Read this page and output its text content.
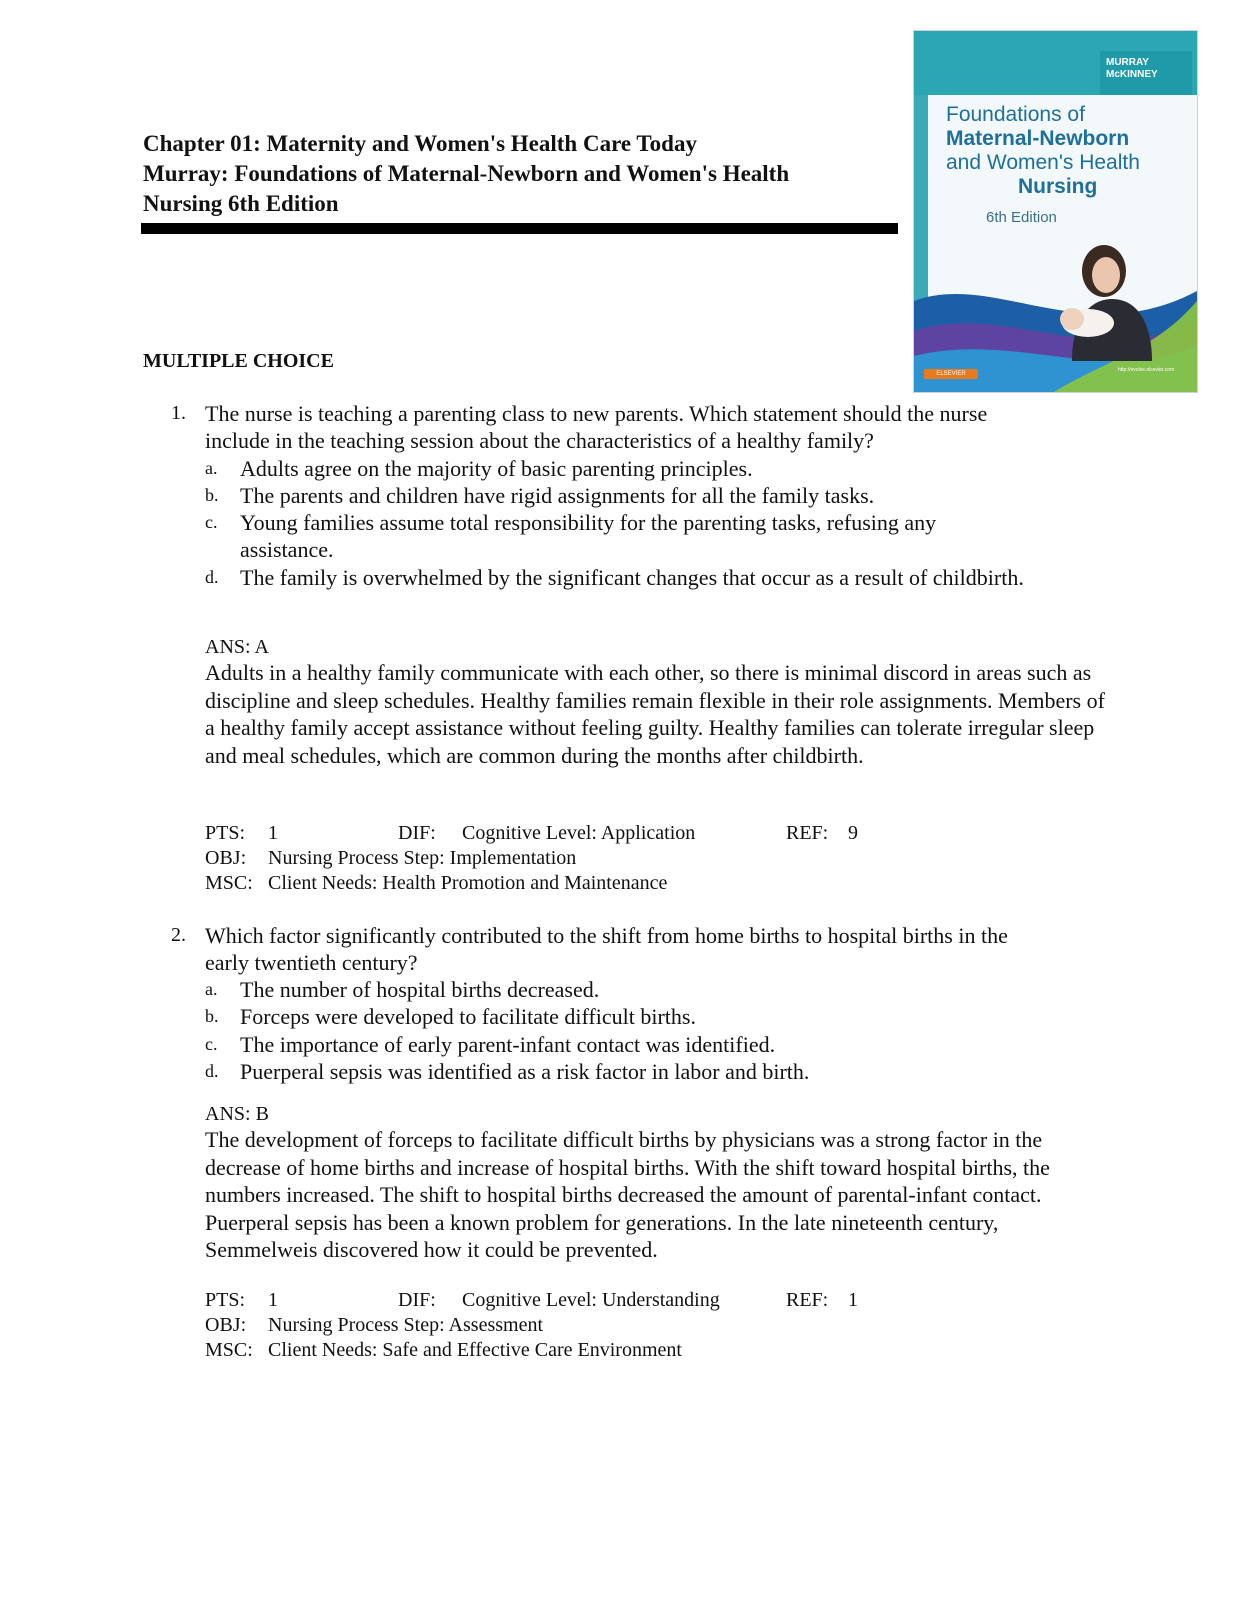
Chapter 01: Maternity and Women's Health Care Today
Murray: Foundations of Maternal-Newborn and Women's Health
Nursing 6th Edition
MURRAY
McKINNEY
Foundations of
Maternal-Newborn
and Women's Health
Nursing
6th Edition
ELSEVIER
http://evolve.elsevier.com
MULTIPLE CHOICE
1. The nurse is teaching a parenting class to new parents. Which statement should the nurse
include in the teaching session about the characteristics of a healthy family?
a. Adults agree on the majority of basic parenting principles.
b. The parents and children have rigid assignments for all the family tasks.
c. Young families assume total responsibility for the parenting tasks, refusing any assistance.
d. The family is overwhelmed by the significant changes that occur as a result of childbirth.
ANS: A
Adults in a healthy family communicate with each other, so there is minimal discord in areas such as discipline and sleep schedules. Healthy families remain flexible in their role assignments. Members of a healthy family accept assistance without feeling guilty. Healthy families can tolerate irregular sleep and meal schedules, which are common during the months after childbirth.
PTS: 1	DIF: Cognitive Level: Application	REF: 9
OBJ: Nursing Process Step: Implementation
MSC: Client Needs: Health Promotion and Maintenance
2. Which factor significantly contributed to the shift from home births to hospital births in the
early twentieth century?
a. The number of hospital births decreased.
b. Forceps were developed to facilitate difficult births.
c. The importance of early parent-infant contact was identified.
d. Puerperal sepsis was identified as a risk factor in labor and birth.
ANS: B
The development of forceps to facilitate difficult births by physicians was a strong factor in the decrease of home births and increase of hospital births. With the shift toward hospital births, the numbers increased. The shift to hospital births decreased the amount of parental-infant contact. Puerperal sepsis has been a known problem for generations. In the late nineteenth century, Semmelweis discovered how it could be prevented.
PTS: 1	DIF: Cognitive Level: Understanding	REF: 1
OBJ: Nursing Process Step: Assessment
MSC: Client Needs: Safe and Effective Care Environment
